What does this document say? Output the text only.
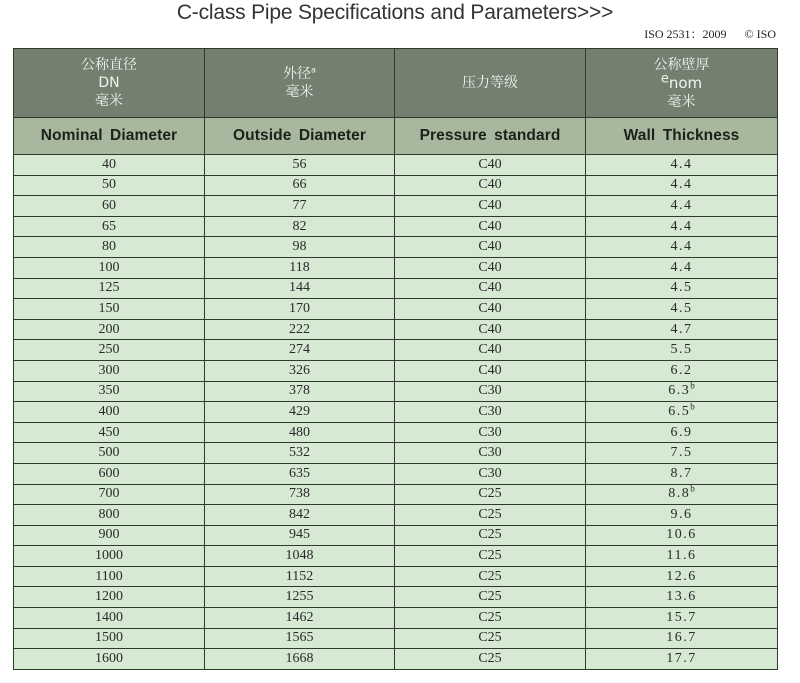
C-class Pipe Specifications and Parameters>>>
ISO 2531：2009 © ISO
公称直径
DN
毫米

外径$^a$
毫米

压力等级

公称壁厚
enom
毫米

Nominal Diameter	Outside Diameter	Pressure standard	Wall Thickness
40	56	C40	4.4
50	66	C40	4.4
60	77	C40	4.4
65	82	C40	4.4
80	98	C40	4.4
100	118	C40	4.4
125	144	C40	4.5
150	170	C40	4.5
200	222	C40	4.7
250	274	C40	5.5
300	326	C40	6.2
350	378	C30	6.3$^b$
400	429	C30	6.5$^b$
450	480	C30	6.9
500	532	C30	7.5
600	635	C30	8.7
700	738	C25	8.8$^b$
800	842	C25	9.6
900	945	C25	10.6
1000	1048	C25	11.6
1100	1152	C25	12.6
1200	1255	C25	13.6
1400	1462	C25	15.7
1500	1565	C25	16.7
1600	1668	C25	17.7
